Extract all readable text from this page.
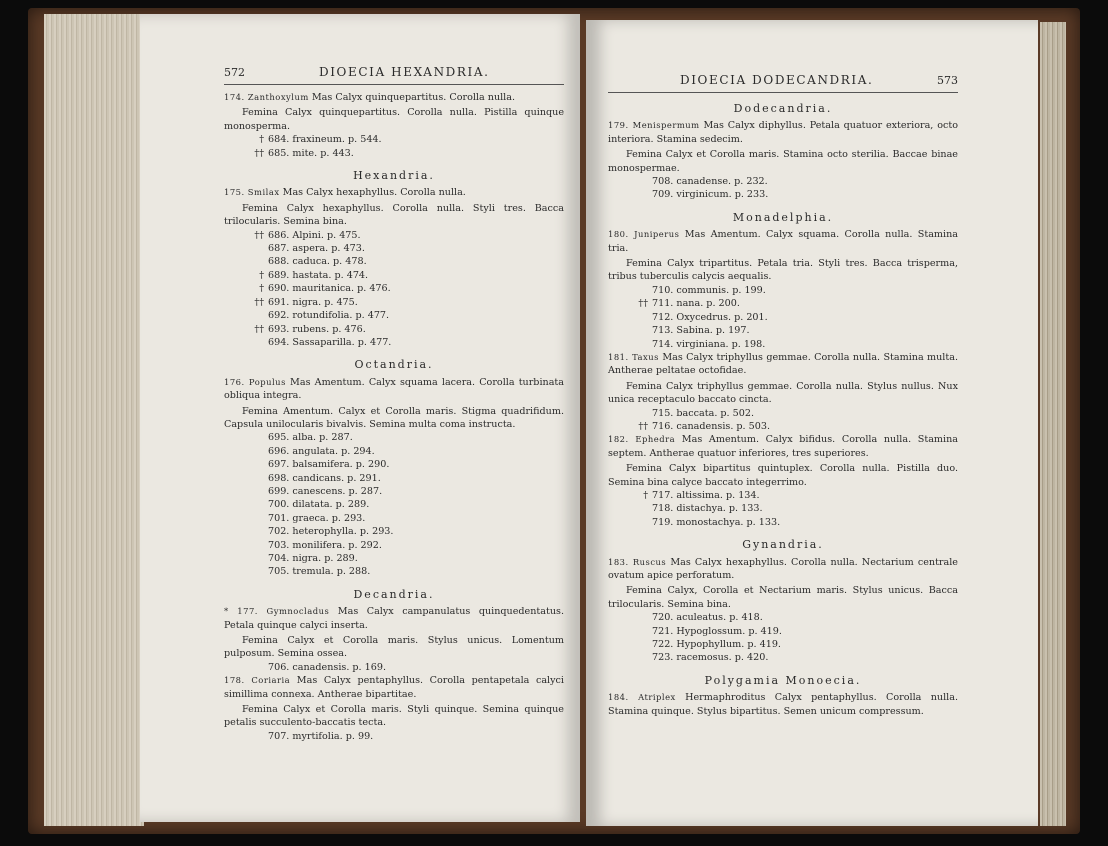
572	DIOECIA HEXANDRIA.

174. Zanthoxylum Mas Calyx quinquepartitus. Corolla nulla.

Femina Calyx quinquepartitus. Corolla nulla. Pistilla quinque monosperma.

† 684. fraxineum. p. 544.
†† 685. mite. p. 443.
Hexandria.

175. Smilax Mas Calyx hexaphyllus. Corolla nulla.

Femina Calyx hexaphyllus. Corolla nulla. Styli tres. Bacca trilocularis. Semina bina.

†† 686. Alpini. p. 475.
687. aspera. p. 473.
688. caduca. p. 478.
† 689. hastata. p. 474.
† 690. mauritanica. p. 476.
†† 691. nigra. p. 475.
692. rotundifolia. p. 477.
†† 693. rubens. p. 476.
694. Sassaparilla. p. 477.
Octandria.

176. Populus Mas Amentum. Calyx squama lacera. Corolla turbinata obliqua integra.

Femina Amentum. Calyx et Corolla maris. Stigma quadrifidum. Capsula unilocularis bivalvis. Semina multa coma instructa.

695. alba. p. 287.
696. angulata. p. 294.
697. balsamifera. p. 290.
698. candicans. p. 291.
699. canescens. p. 287.
700. dilatata. p. 289.
701. graeca. p. 293.
702. heterophylla. p. 293.
703. monilifera. p. 292.
704. nigra. p. 289.
705. tremula. p. 288.
Decandria.

* 177. Gymnocladus Mas Calyx campanulatus quinquedentatus. Petala quinque calyci inserta.

Femina Calyx et Corolla maris. Stylus unicus. Lomentum pulposum. Semina ossea.

706. canadensis. p. 169.

178. Coriaria Mas Calyx pentaphyllus. Corolla pentapetala calyci simillima connexa. Antherae bipartitae.

Femina Calyx et Corolla maris. Styli quinque. Semina quinque petalis succulento-baccatis tecta.

707. myrtifolia. p. 99.
DIOECIA DODECANDRIA.	573
Dodecandria.

179. Menispermum Mas Calyx diphyllus. Petala quatuor exteriora, octo interiora. Stamina sedecim.

Femina Calyx et Corolla maris. Stamina octo sterilia. Baccae binae monospermae.

708. canadense. p. 232.
709. virginicum. p. 233.
Monadelphia.

180. Juniperus Mas Amentum. Calyx squama. Corolla nulla. Stamina tria.

Femina Calyx tripartitus. Petala tria. Styli tres. Bacca trisperma, tribus tuberculis calycis aequalis.

710. communis. p. 199.
†† 711. nana. p. 200.
712. Oxycedrus. p. 201.
713. Sabina. p. 197.
714. virginiana. p. 198.

181. Taxus Mas Calyx triphyllus gemmae. Corolla nulla. Stamina multa. Antherae peltatae octofidae.

Femina Calyx triphyllus gemmae. Corolla nulla. Stylus nullus. Nux unica receptaculo baccato cincta.

715. baccata. p. 502.
†† 716. canadensis. p. 503.

182. Ephedra Mas Amentum. Calyx bifidus. Corolla nulla. Stamina septem. Antherae quatuor inferiores, tres superiores.

Femina Calyx bipartitus quintuplex. Corolla nulla. Pistilla duo. Semina bina calyce baccato integerrimo.

† 717. altissima. p. 134.
718. distachya. p. 133.
719. monostachya. p. 133.
Gynandria.

183. Ruscus Mas Calyx hexaphyllus. Corolla nulla. Nectarium centrale ovatum apice perforatum.

Femina Calyx, Corolla et Nectarium maris. Stylus unicus. Bacca trilocularis. Semina bina.

720. aculeatus. p. 418.
721. Hypoglossum. p. 419.
722. Hypophyllum. p. 419.
723. racemosus. p. 420.
Polygamia Monoecia.

184. Atriplex Hermaphroditus Calyx pentaphyllus. Corolla nulla. Stamina quinque. Stylus bipartitus. Semen unicum compressum.
